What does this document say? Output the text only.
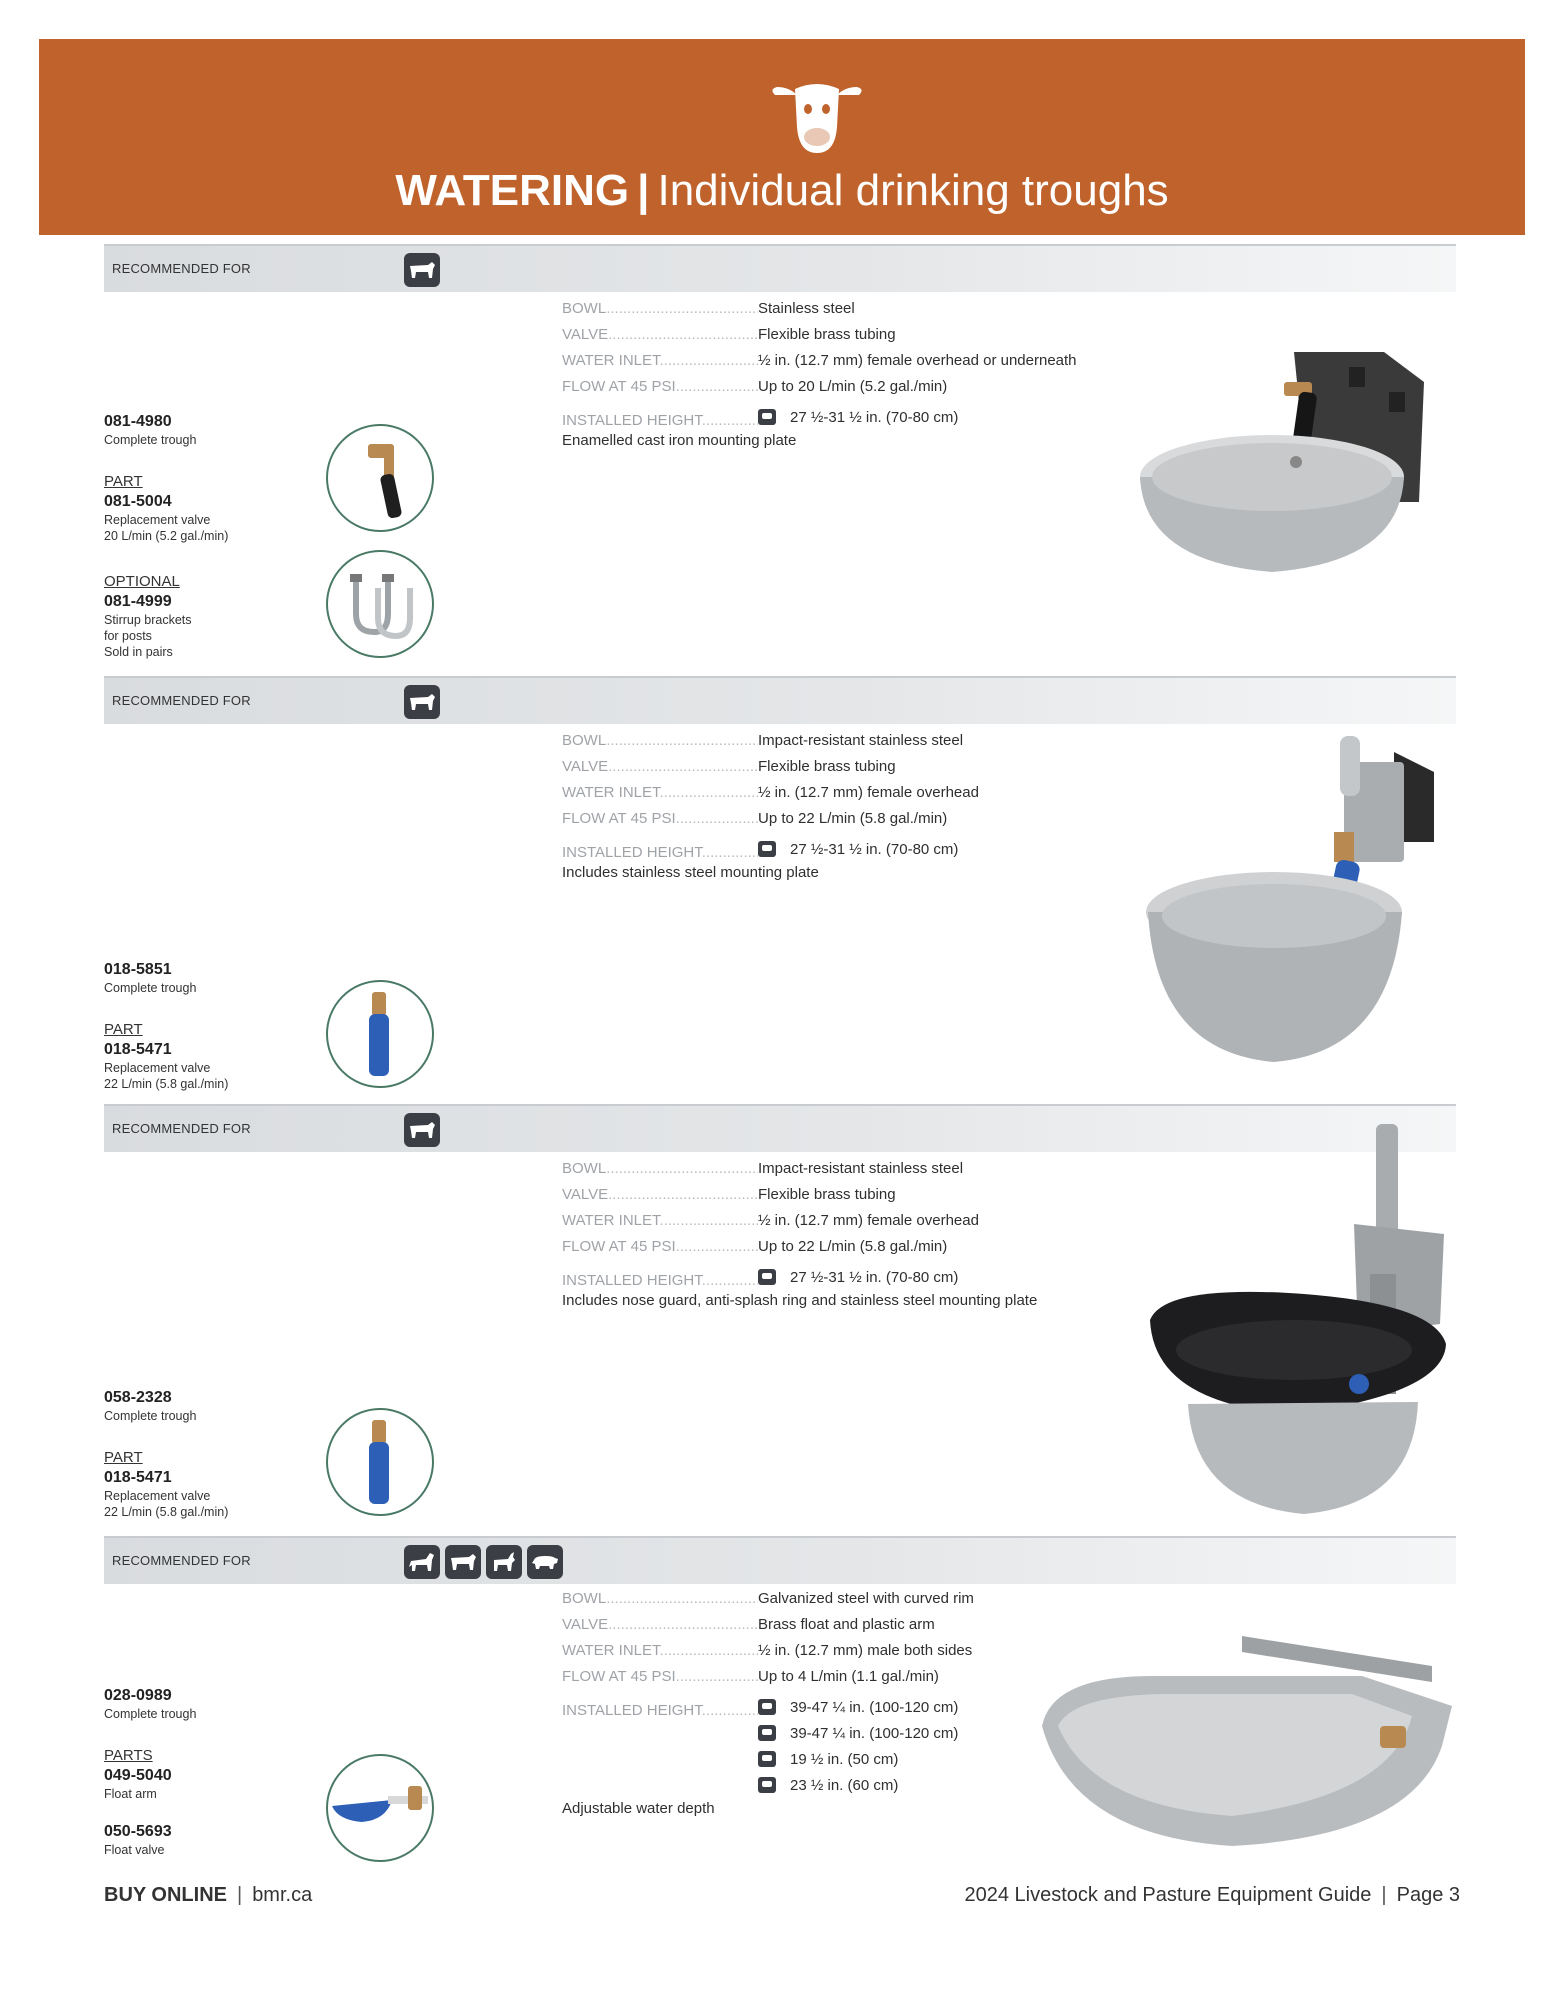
WATERING | Individual drinking troughs
RECOMMENDED FOR
BOWL .....	Stainless steel
VALVE .....	Flexible brass tubing
WATER INLET .....	½ in. (12.7 mm) female overhead or underneath
FLOW AT 45 PSI .....	Up to 20 L/min (5.2 gal./min)
INSTALLED HEIGHT .....	27 ½-31 ½ in. (70-80 cm)
Enamelled cast iron mounting plate
081-4980
Complete trough
PART
081-5004
Replacement valve
20 L/min (5.2 gal./min)
OPTIONAL
081-4999
Stirrup brackets
for posts
Sold in pairs
RECOMMENDED FOR
BOWL .....	Impact-resistant stainless steel
VALVE .....	Flexible brass tubing
WATER INLET .....	½ in. (12.7 mm) female overhead
FLOW AT 45 PSI .....	Up to 22 L/min (5.8 gal./min)
INSTALLED HEIGHT .....	27 ½-31 ½ in. (70-80 cm)
Includes stainless steel mounting plate
018-5851
Complete trough
PART
018-5471
Replacement valve
22 L/min (5.8 gal./min)
RECOMMENDED FOR
BOWL .....	Impact-resistant stainless steel
VALVE .....	Flexible brass tubing
WATER INLET .....	½ in. (12.7 mm) female overhead
FLOW AT 45 PSI .....	Up to 22 L/min (5.8 gal./min)
INSTALLED HEIGHT .....	27 ½-31 ½ in. (70-80 cm)
Includes nose guard, anti-splash ring and stainless steel mounting plate
058-2328
Complete trough
PART
018-5471
Replacement valve
22 L/min (5.8 gal./min)
RECOMMENDED FOR
BOWL .....	Galvanized steel with curved rim
VALVE .....	Brass float and plastic arm
WATER INLET .....	½ in. (12.7 mm) male both sides
FLOW AT 45 PSI .....	Up to 4 L/min (1.1 gal./min)
INSTALLED HEIGHT .....	39-47 ¼ in. (100-120 cm)
39-47 ¼ in. (100-120 cm)
19 ½ in. (50 cm)
23 ½ in. (60 cm)
Adjustable water depth
028-0989
Complete trough
PARTS
049-5040
Float arm
050-5693
Float valve
BUY ONLINE | bmr.ca	2024 Livestock and Pasture Equipment Guide | Page 3
